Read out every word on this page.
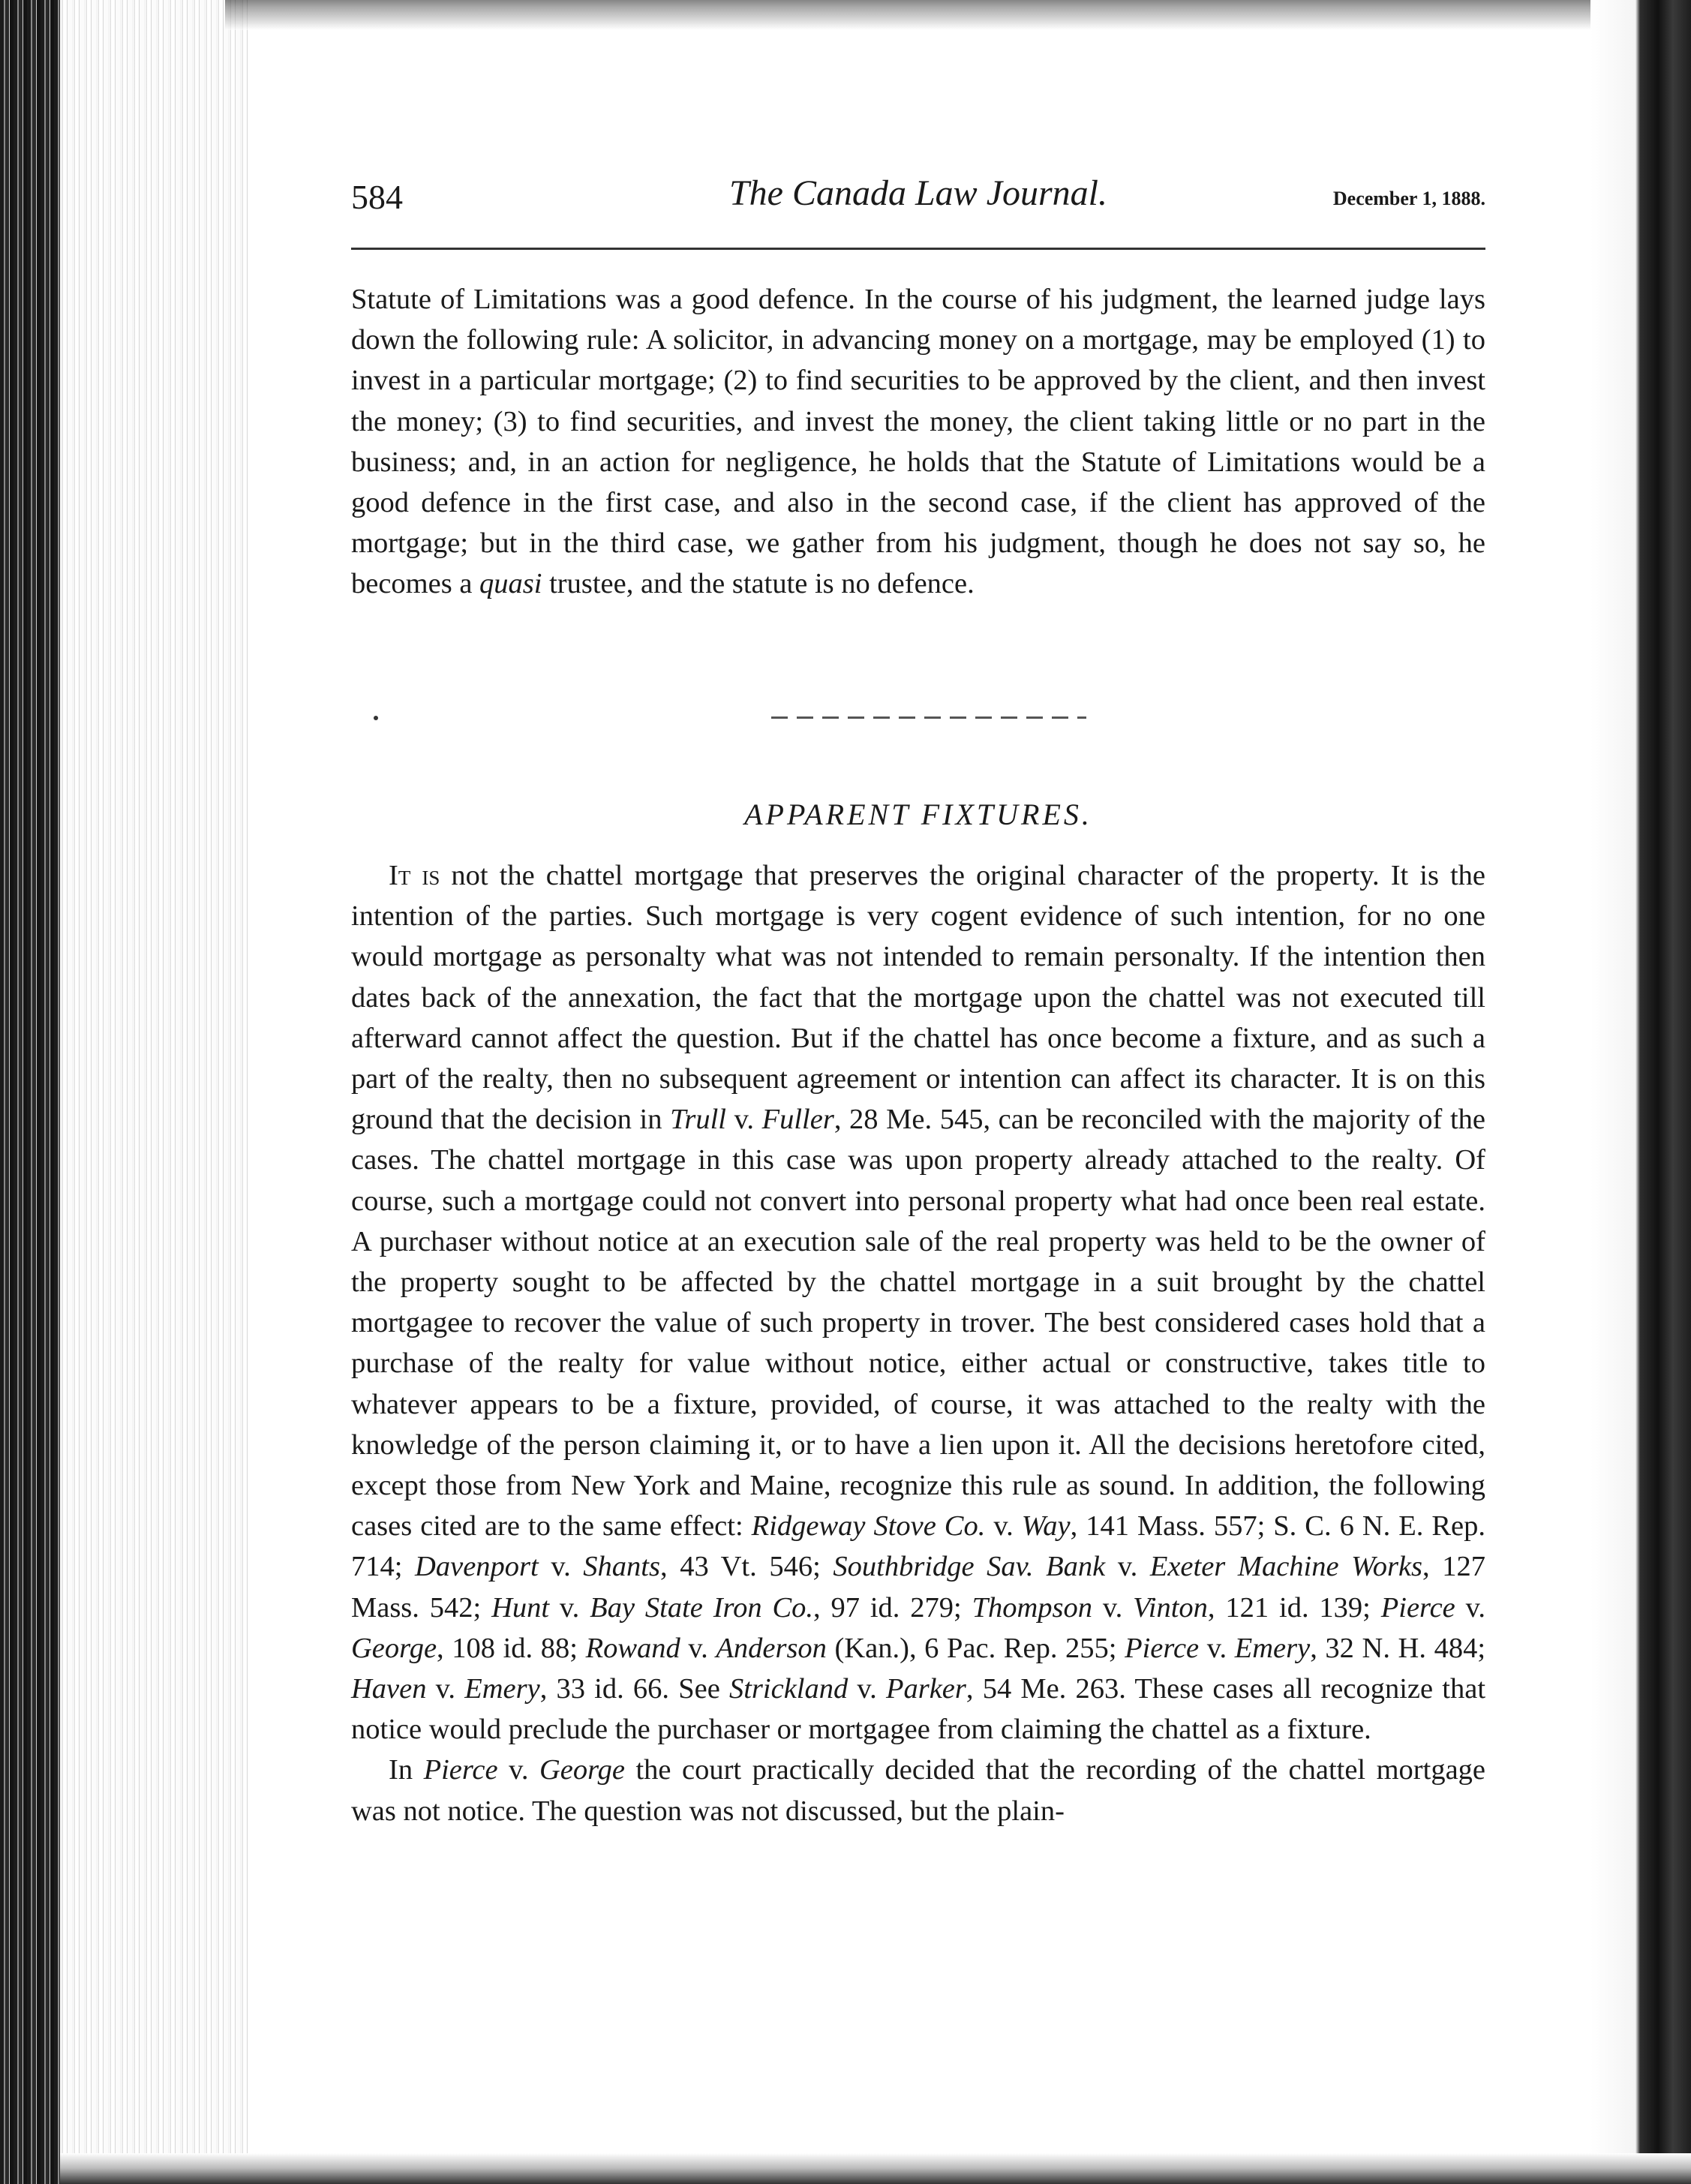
584	The Canada Law Journal.	December 1, 1888.

Statute of Limitations was a good defence. In the course of his judgment, the learned judge lays down the following rule: A solicitor, in advancing money on a mortgage, may be employed (1) to invest in a particular mortgage; (2) to find securities to be approved by the client, and then invest the money; (3) to find securities, and invest the money, the client taking little or no part in the business; and, in an action for negligence, he holds that the Statute of Limitations would be a good defence in the first case, and also in the second case, if the client has approved of the mortgage; but in the third case, we gather from his judgment, though he does not say so, he becomes a quasi trustee, and the statute is no defence.

APPARENT FIXTURES.

It is not the chattel mortgage that preserves the original character of the property. It is the intention of the parties. Such mortgage is very cogent evidence of such intention, for no one would mortgage as personalty what was not intended to remain personalty. If the intention then dates back of the annexation, the fact that the mortgage upon the chattel was not executed till afterward cannot affect the question. But if the chattel has once become a fixture, and as such a part of the realty, then no subsequent agreement or intention can affect its character. It is on this ground that the decision in Trull v. Fuller, 28 Me. 545, can be reconciled with the majority of the cases. The chattel mortgage in this case was upon property already attached to the realty. Of course, such a mortgage could not convert into personal property what had once been real estate. A purchaser without notice at an execution sale of the real property was held to be the owner of the property sought to be affected by the chattel mortgage in a suit brought by the chattel mortgagee to recover the value of such property in trover. The best considered cases hold that a purchase of the realty for value without notice, either actual or constructive, takes title to whatever appears to be a fixture, provided, of course, it was attached to the realty with the knowledge of the person claiming it, or to have a lien upon it. All the decisions heretofore cited, except those from New York and Maine, recognize this rule as sound. In addition, the following cases cited are to the same effect: Ridgeway Stove Co. v. Way, 141 Mass. 557; S. C. 6 N. E. Rep. 714; Davenport v. Shants, 43 Vt. 546; Southbridge Sav. Bank v. Exeter Machine Works, 127 Mass. 542; Hunt v. Bay State Iron Co., 97 id. 279; Thompson v. Vinton, 121 id. 139; Pierce v. George, 108 id. 88; Rowand v. Anderson (Kan.), 6 Pac. Rep. 255; Pierce v. Emery, 32 N. H. 484; Haven v. Emery, 33 id. 66. See Strickland v. Parker, 54 Me. 263. These cases all recognize that notice would preclude the purchaser or mortgagee from claiming the chattel as a fixture.

In Pierce v. George the court practically decided that the recording of the chattel mortgage was not notice. The question was not discussed, but the plain-
